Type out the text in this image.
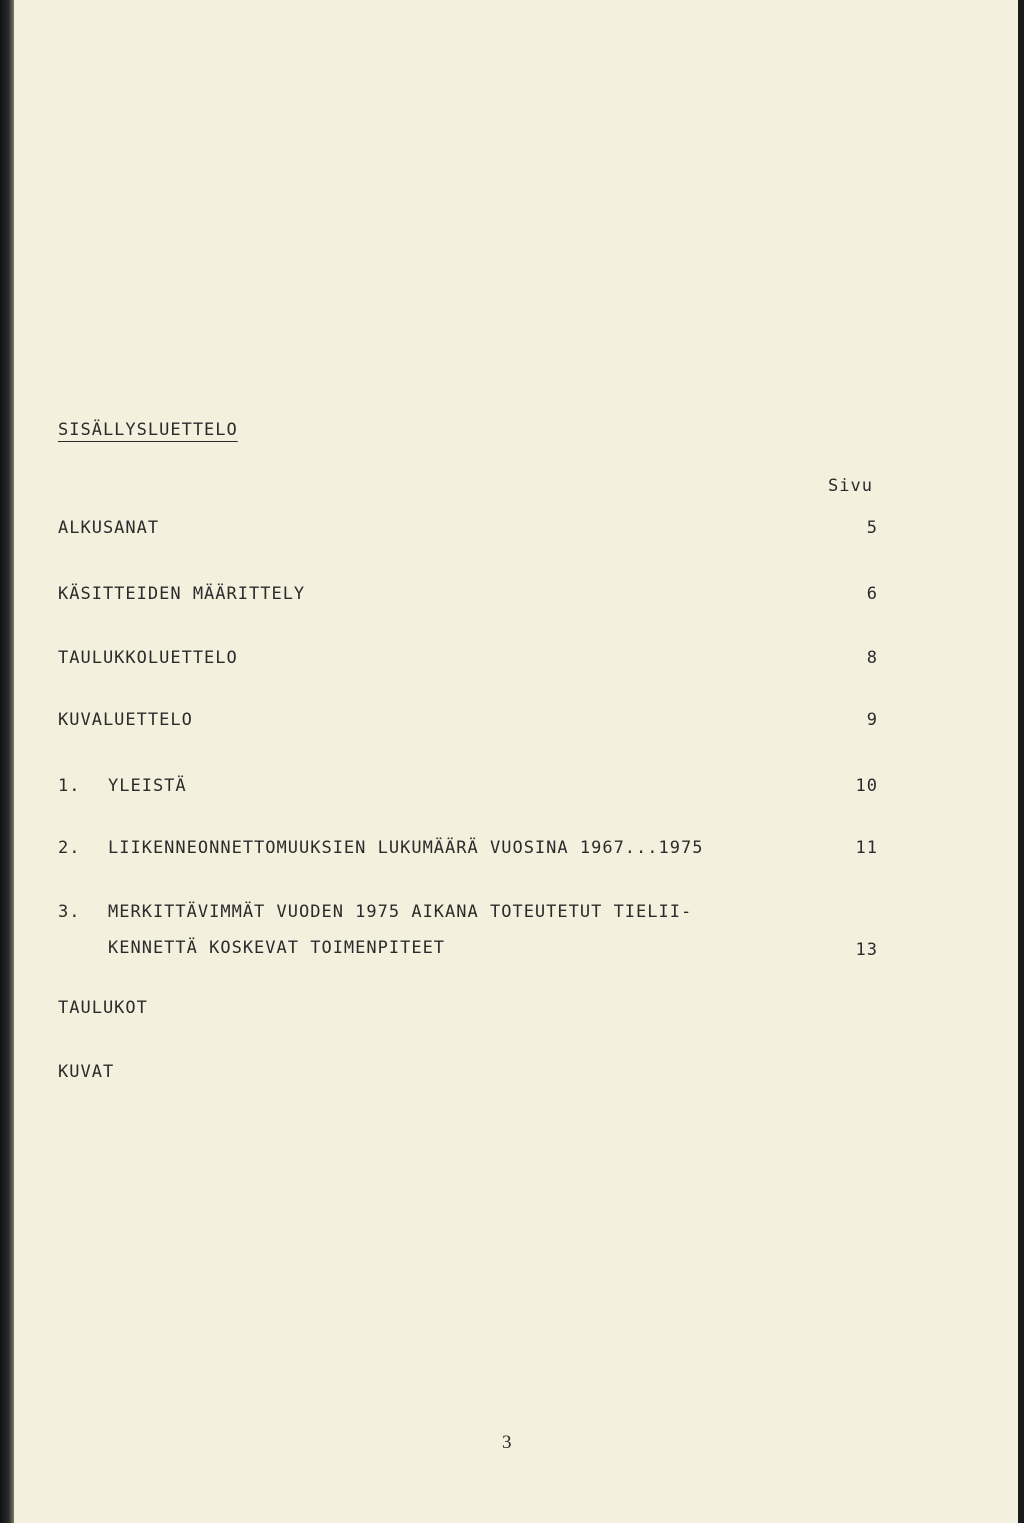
SISÄLLYSLUETTELO
Sivu
ALKUSANAT	5
KÄSITTEIDEN MÄÄRITTELY	6
TAULUKKOLUETTELO	8
KUVALUETTELO	9
1. YLEISTÄ	10
2. LIIKENNEONNETTOMUUKSIEN LUKUMÄÄRÄ VUOSINA 1967...1975	11
3. MERKITTÄVIMMÄT VUODEN 1975 AIKANA TOTEUTETUT TIELII-
KENNETTÄ KOSKEVAT TOIMENPITEET	13
TAULUKOT
KUVAT
3
